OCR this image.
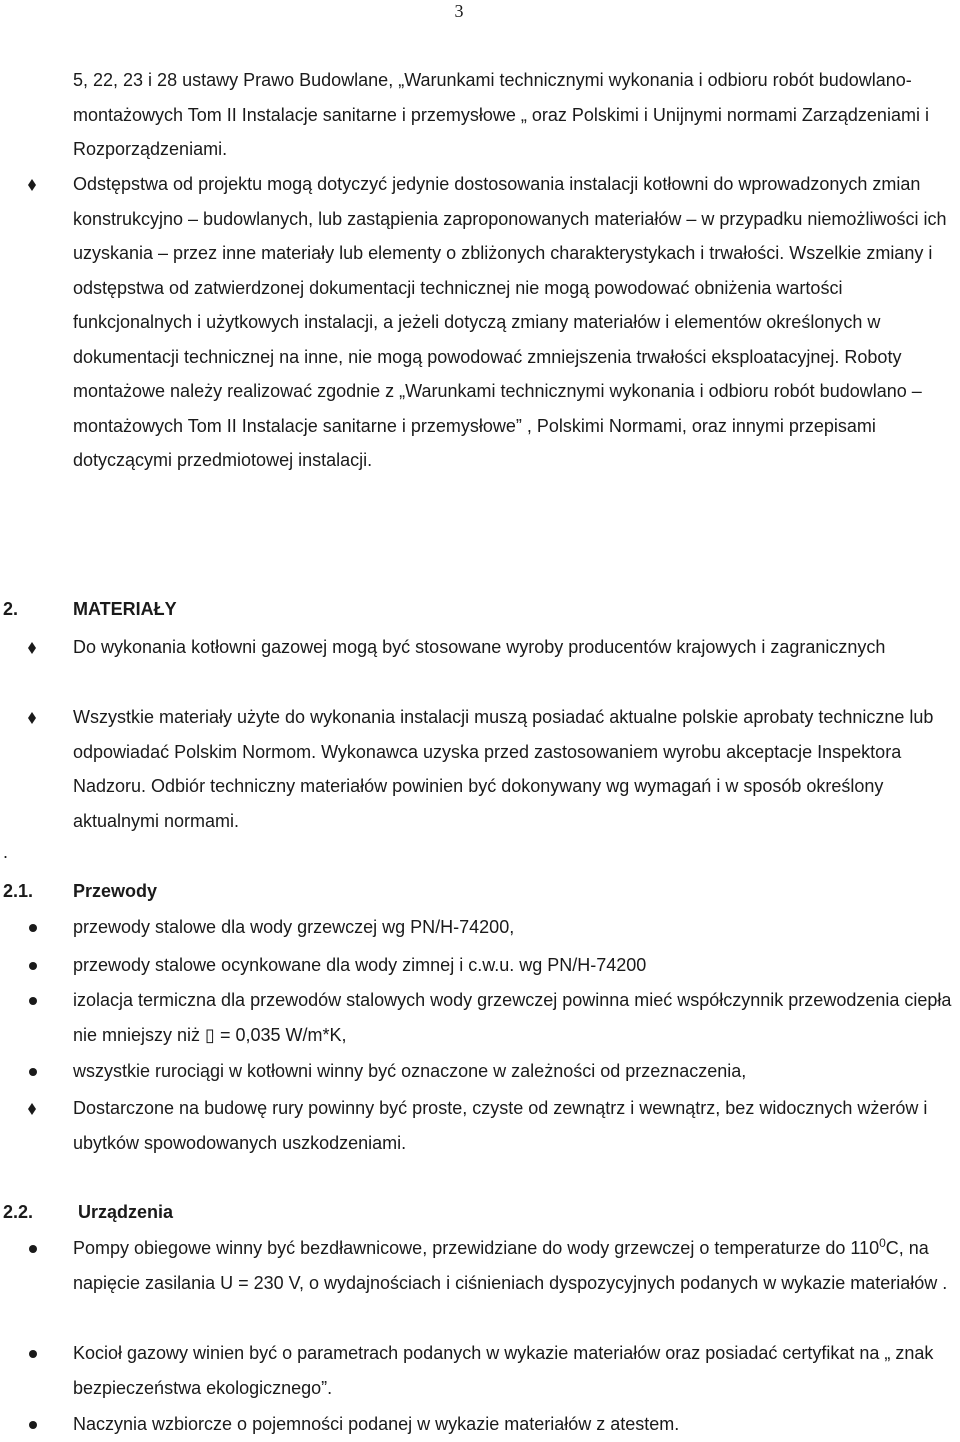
3
5, 22, 23 i 28 ustawy Prawo Budowlane, „Warunkami technicznymi wykonania i odbioru robót budowlano-montażowych Tom II Instalacje sanitarne i przemysłowe „ oraz Polskimi i Unijnymi normami Zarządzeniami i Rozporządzeniami.
Odstępstwa od projektu mogą dotyczyć jedynie dostosowania instalacji kotłowni do wprowadzonych zmian konstrukcyjno – budowlanych, lub zastąpienia zaproponowanych materiałów – w przypadku niemożliwości ich uzyskania – przez inne materiały lub elementy o zbliżonych charakterystykach i trwałości. Wszelkie zmiany i odstępstwa od zatwierdzonej dokumentacji technicznej nie mogą powodować obniżenia wartości funkcjonalnych i użytkowych instalacji, a jeżeli dotyczą zmiany materiałów i elementów określonych w dokumentacji technicznej na inne, nie mogą powodować zmniejszenia trwałości eksploatacyjnej. Roboty montażowe należy realizować zgodnie z „Warunkami technicznymi wykonania i odbioru robót budowlano – montażowych Tom II Instalacje sanitarne i przemysłowe” , Polskimi Normami, oraz innymi przepisami dotyczącymi przedmiotowej instalacji.
2.	MATERIAŁY
Do wykonania kotłowni gazowej mogą być stosowane wyroby producentów krajowych i zagranicznych
Wszystkie materiały użyte do wykonania instalacji muszą posiadać aktualne polskie aprobaty techniczne lub odpowiadać Polskim Normom. Wykonawca uzyska przed zastosowaniem wyrobu akceptacje Inspektora Nadzoru. Odbiór techniczny materiałów powinien być dokonywany wg wymagań i w sposób określony aktualnymi normami.
.
2.1. Przewody
przewody stalowe dla wody grzewczej wg PN/H-74200,
przewody stalowe ocynkowane dla wody zimnej i c.w.u. wg PN/H-74200
izolacja termiczna dla przewodów stalowych wody grzewczej powinna mieć współczynnik przewodzenia ciepła nie mniejszy niż ▯ = 0,035 W/m*K,
wszystkie rurociągi w kotłowni winny być oznaczone w zależności od przeznaczenia,
Dostarczone na budowę rury powinny być proste, czyste od zewnątrz i wewnątrz, bez widocznych wżerów i ubytków spowodowanych uszkodzeniami.
2.2. Urządzenia
Pompy obiegowe winny być bezdławnicowe, przewidziane do wody grzewczej o temperaturze do $110^0C$, na napięcie zasilania U = 230 V, o wydajnościach i ciśnieniach dyspozycyjnych podanych w wykazie materiałów .
Kocioł gazowy winien być o parametrach podanych w wykazie materiałów oraz posiadać certyfikat na „ znak bezpieczeństwa ekologicznego”.
Naczynia wzbiorcze o pojemności podanej w wykazie materiałów z atestem.
